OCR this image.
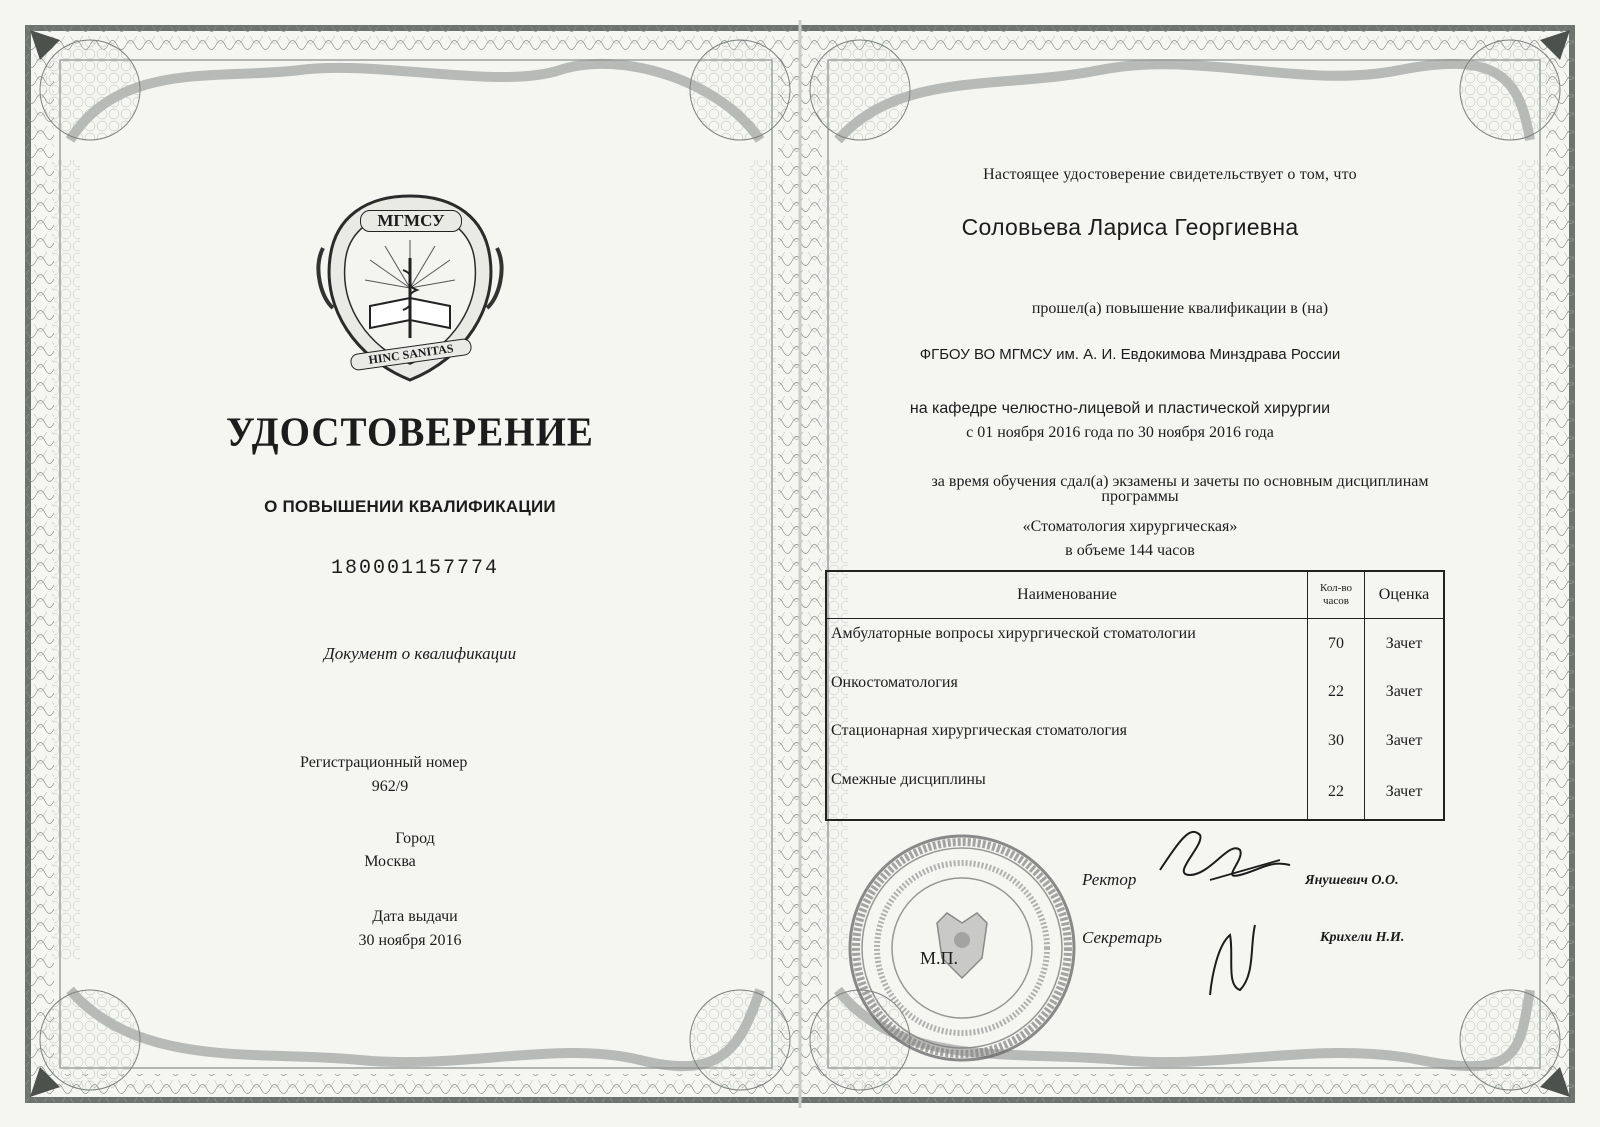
МГМСУ
HINC SANITAS
УДОСТОВЕРЕНИЕ
О ПОВЫШЕНИИ КВАЛИФИКАЦИИ
180001157774
Документ о квалификации
Регистрационный номер
962/9
Город
Москва
Дата выдачи
30 ноября 2016
Настоящее удостоверение свидетельствует о том, что
Соловьева Лариса Георгиевна
прошел(а) повышение квалификации в (на)
ФГБОУ ВО МГМСУ им. А. И. Евдокимова Минздрава России
на кафедре челюстно-лицевой и пластической хирургии
с 01 ноября 2016 года по 30 ноября 2016 года
за время обучения сдал(а) экзамены и зачеты по основным дисциплинам
программы
«Стоматология хирургическая»
в объеме 144 часов
Наименование	Кол-во часов	Оценка
Амбулаторные вопросы хирургической стоматологии	70	Зачет
Онкостоматология	22	Зачет
Стационарная хирургическая стоматология	30	Зачет
Смежные дисциплины	22	Зачет
М.П.
Ректор	Янушевич О.О.
Секретарь	Крихели Н.И.
